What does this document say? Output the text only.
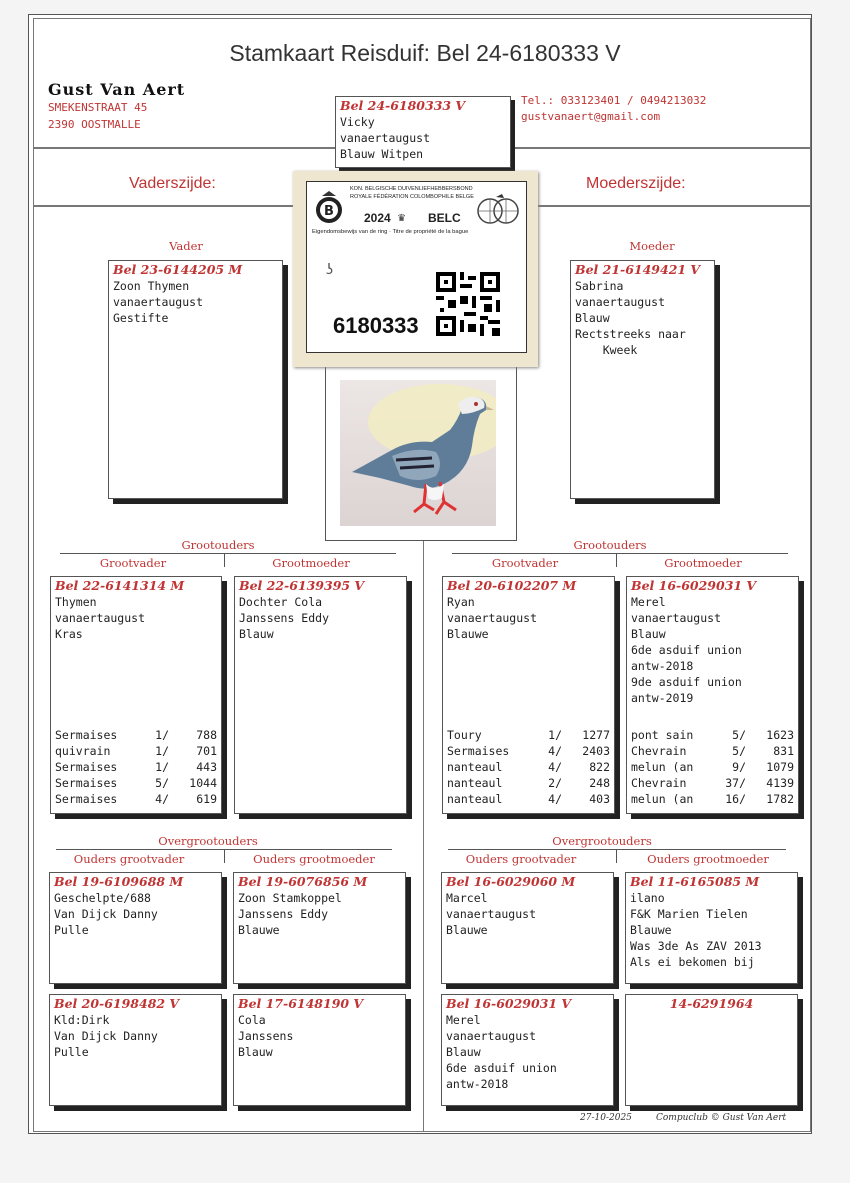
Stamkaart Reisduif: Bel 24-6180333 V
Gust Van Aert
SMEKENSTRAAT 45
2390 OOSTMALLE
Tel.: 033123401 / 0494213032
gustvanaert@gmail.com
Vaderszijde:	Moederszijde:
Bel 24-6180333 V
Vicky
vanaertaugust
Blauw Witpen
B
KON. BELGISCHE DUIVENLIEFHEBBERSBOND
ROYALE FÉDÉRATION COLOMBOPHILE BELGE
2024 ♛ BELC
Eigendomsbewijs van de ring · Titre de propriété de la bague
ʖ
6180333
Vader	Moeder
Bel 23-6144205 M
Zoon Thymen
vanaertaugust
Gestifte
Bel 21-6149421 V
Sabrina
vanaertaugust
Blauw
Rectstreeks naar
Kweek
Grootouders
Grootvader	Grootmoeder
Grootouders
Grootvader	Grootmoeder
Bel 22-6141314 M
Thymen
vanaertaugust
Kras
Sermaises	1/	788
quivrain	1/	701
Sermaises	1/	443
Sermaises	5/	1044
Sermaises	4/	619
Bel 22-6139395 V
Dochter Cola
Janssens Eddy
Blauw
Bel 20-6102207 M
Ryan
vanaertaugust
Blauwe
Toury	1/	1277
Sermaises	4/	2403
nanteaul	4/	822
nanteaul	2/	248
nanteaul	4/	403
Bel 16-6029031 V
Merel
vanaertaugust
Blauw
6de asduif union
antw-2018
9de asduif union
antw-2019
pont sain	5/	1623
Chevrain	5/	831
melun (an	9/	1079
Chevrain	37/	4139
melun (an	16/	1782
Overgrootouders
Ouders grootvader	Ouders grootmoeder
Overgrootouders
Ouders grootvader	Ouders grootmoeder
Bel 19-6109688 M
Geschelpte/688
Van Dijck Danny
Pulle
Bel 19-6076856 M
Zoon Stamkoppel
Janssens Eddy
Blauwe
Bel 16-6029060 M
Marcel
vanaertaugust
Blauwe
Bel 11-6165085 M
ilano
F&K Marien Tielen
Blauwe
Was 3de As ZAV 2013
Als ei bekomen bij
Bel 20-6198482 V
Kld:Dirk
Van Dijck Danny
Pulle
Bel 17-6148190 V
Cola
Janssens
Blauw
Bel 16-6029031 V
Merel
vanaertaugust
Blauw
6de asduif union
antw-2018
14-6291964
27-10-2025	Compuclub © Gust Van Aert
